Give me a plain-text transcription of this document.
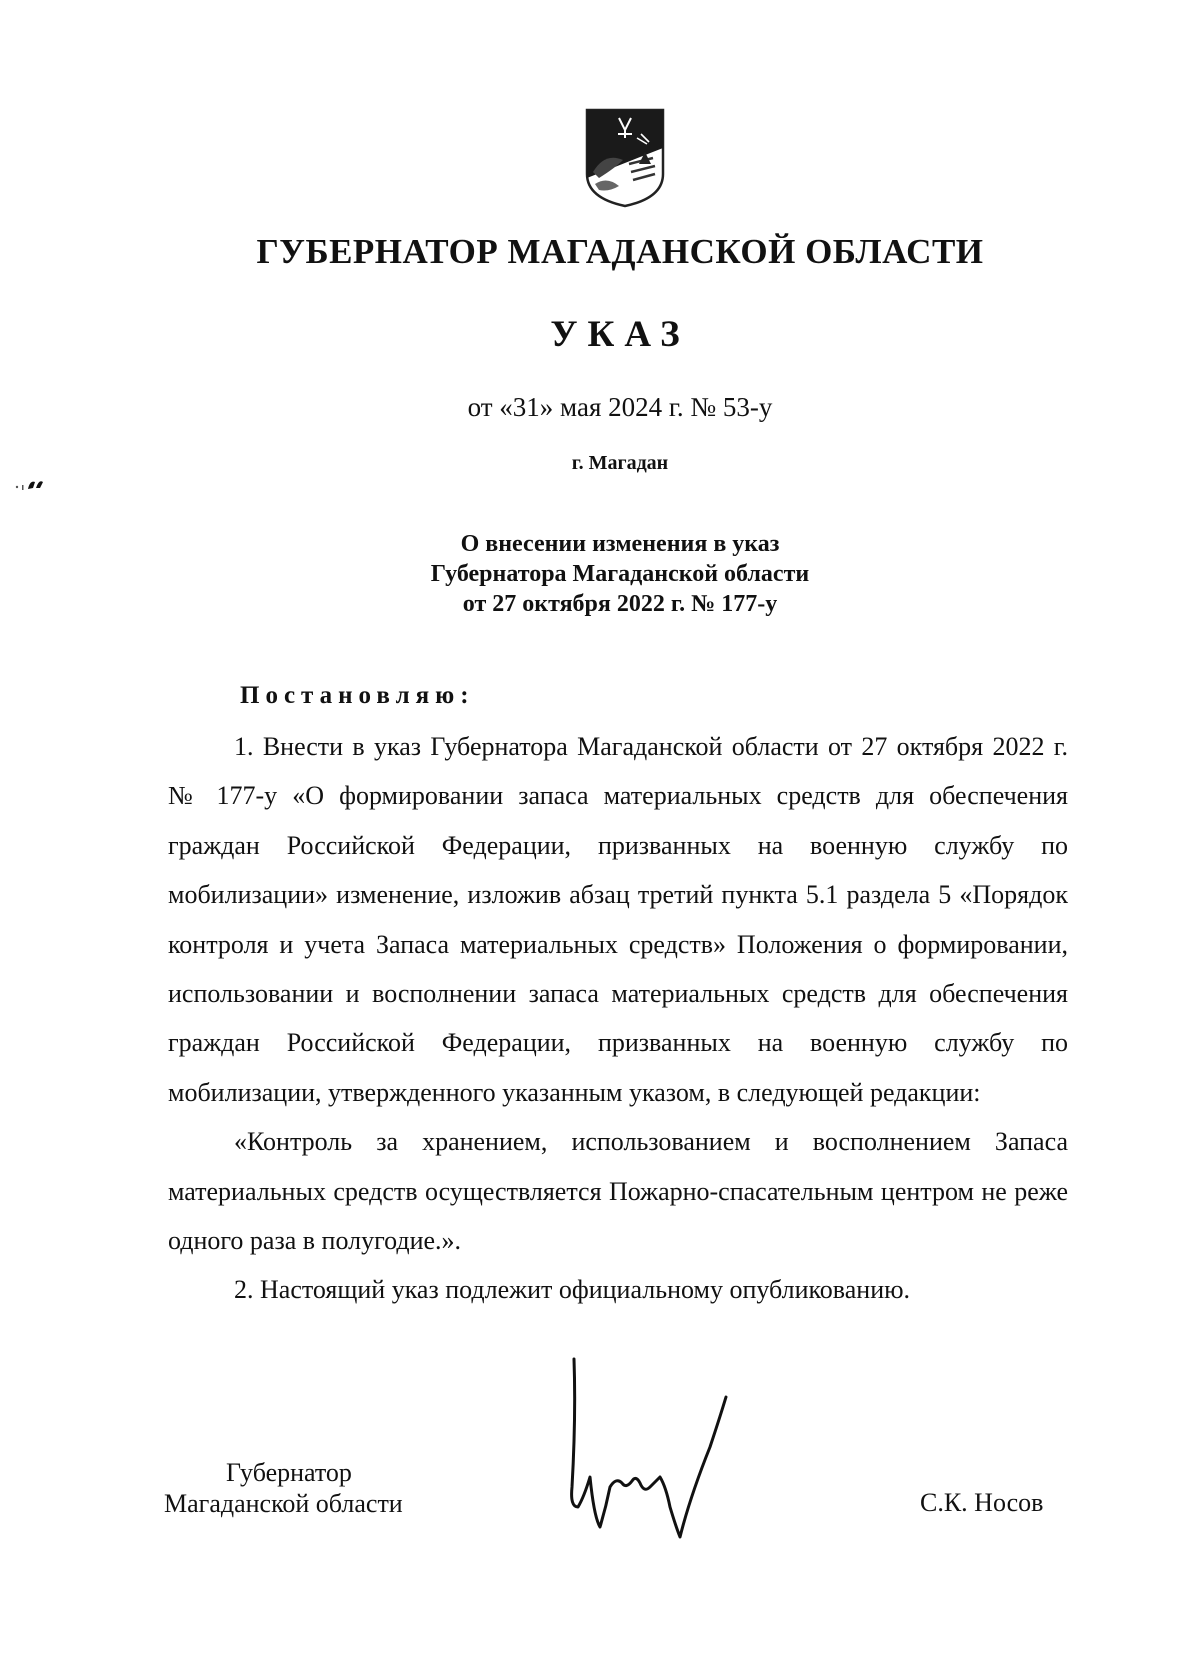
ГУБЕРНАТОР МАГАДАНСКОЙ ОБЛАСТИ
УКАЗ
от «31» мая 2024 г. № 53-у
г. Магадан
О внесении изменения в указ
Губернатора Магаданской области
от 27 октября 2022 г. № 177-у
Постановляю:

1. Внести в указ Губернатора Магаданской области от 27 октября 2022 г. № 177-у «О формировании запаса материальных средств для обеспечения граждан Российской Федерации, призванных на военную службу по мобилизации» изменение, изложив абзац третий пункта 5.1 раздела 5 «Порядок контроля и учета Запаса материальных средств» Положения о формировании, использовании и восполнении запаса материальных средств для обеспечения граждан Российской Федерации, призванных на военную службу по мобилизации, утвержденного указанным указом, в следующей редакции:

«Контроль за хранением, использованием и восполнением Запаса материальных средств осуществляется Пожарно-спасательным центром не реже одного раза в полугодие.».

2. Настоящий указ подлежит официальному опубликованию.

Губернатор
Магаданской области	С.К. Носов
